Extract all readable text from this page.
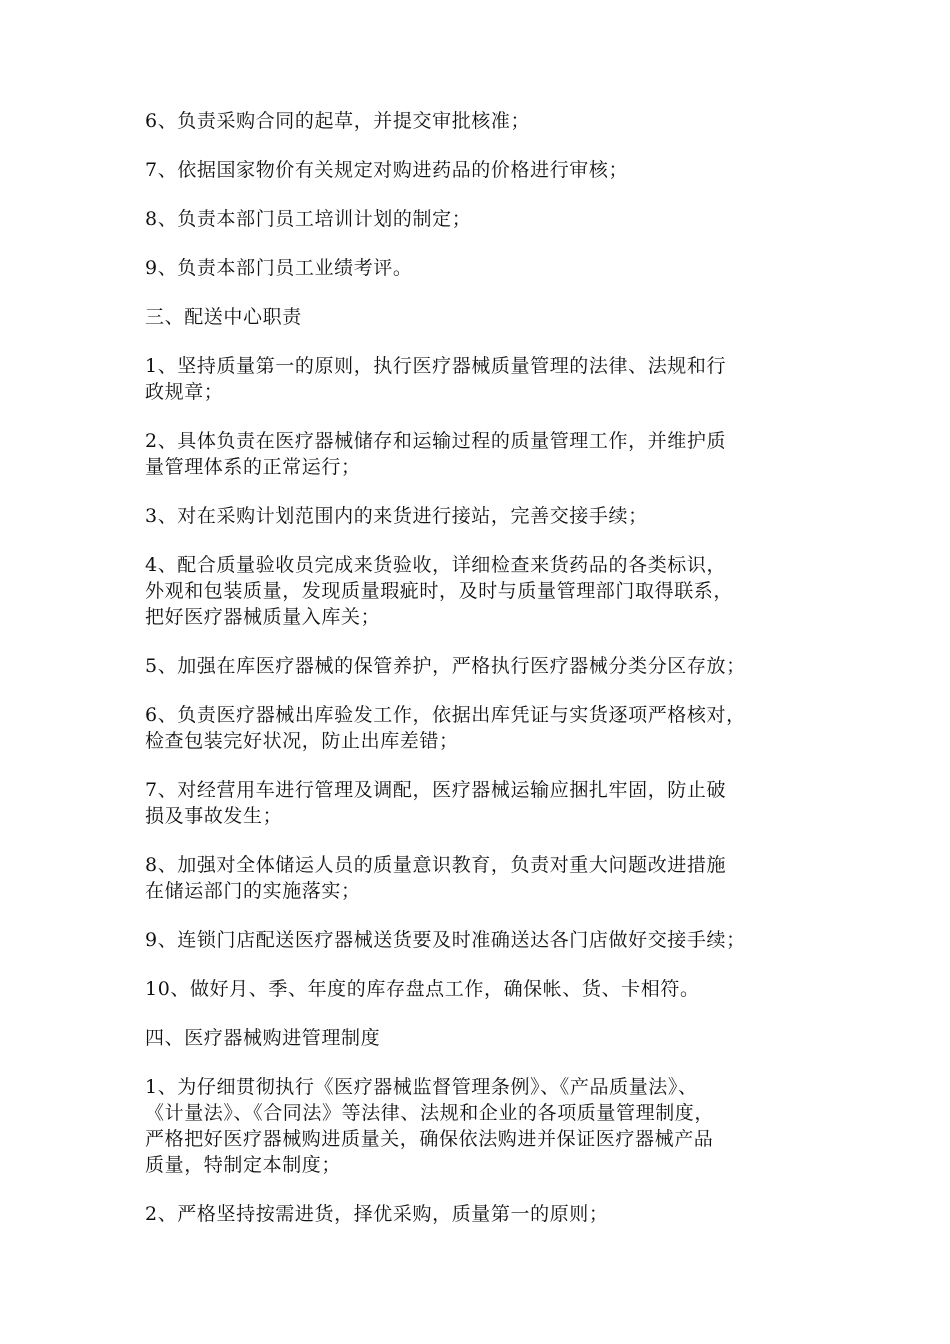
6、负责采购合同的起草，并提交审批核准；
7、依据国家物价有关规定对购进药品的价格进行审核；
8、负责本部门员工培训计划的制定；
9、负责本部门员工业绩考评。
三、配送中心职责
1、坚持质量第一的原则，执行医疗器械质量管理的法律、法规和行
政规章；
2、具体负责在医疗器械储存和运输过程的质量管理工作，并维护质
量管理体系的正常运行；
3、对在采购计划范围内的来货进行接站，完善交接手续；
4、配合质量验收员完成来货验收，详细检查来货药品的各类标识，
外观和包装质量，发现质量瑕疵时，及时与质量管理部门取得联系，
把好医疗器械质量入库关；
5、加强在库医疗器械的保管养护，严格执行医疗器械分类分区存放；
6、负责医疗器械出库验发工作，依据出库凭证与实货逐项严格核对，
检查包装完好状况，防止出库差错；
7、对经营用车进行管理及调配，医疗器械运输应捆扎牢固，防止破
损及事故发生；
8、加强对全体储运人员的质量意识教育，负责对重大问题改进措施
在储运部门的实施落实；
9、连锁门店配送医疗器械送货要及时准确送达各门店做好交接手续；
10、做好月、季、年度的库存盘点工作，确保帐、货、卡相符。
四、医疗器械购进管理制度
1、为仔细贯彻执行《医疗器械监督管理条例》、《产品质量法》、
《计量法》、《合同法》等法律、法规和企业的各项质量管理制度，
严格把好医疗器械购进质量关，确保依法购进并保证医疗器械产品
质量，特制定本制度；
2、严格坚持按需进货，择优采购，质量第一的原则；
